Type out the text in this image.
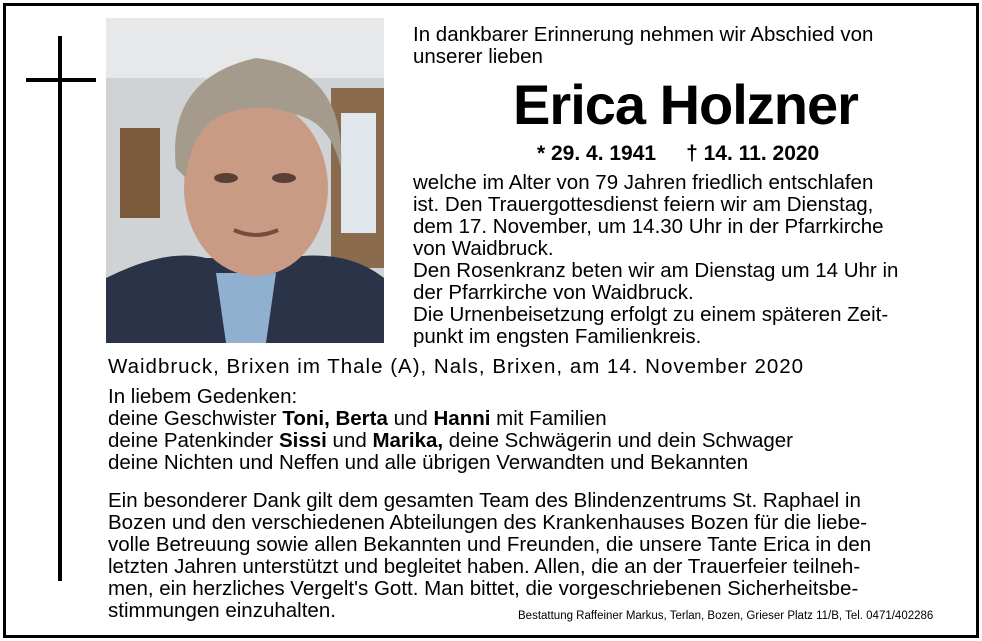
In dankbarer Erinnerung nehmen wir Abschied von
unserer lieben
Erica Holzner
* 29. 4. 1941 † 14. 11. 2020
welche im Alter von 79 Jahren friedlich entschlafen
ist. Den Trauergottesdienst feiern wir am Dienstag,
dem 17. November, um 14.30 Uhr in der Pfarrkirche
von Waidbruck.
Den Rosenkranz beten wir am Dienstag um 14 Uhr in
der Pfarrkirche von Waidbruck.
Die Urnenbeisetzung erfolgt zu einem späteren Zeit-
punkt im engsten Familienkreis.
Waidbruck, Brixen im Thale (A), Nals, Brixen, am 14. November 2020
In liebem Gedenken:
deine Geschwister Toni, Berta und Hanni mit Familien
deine Patenkinder Sissi und Marika, deine Schwägerin und dein Schwager
deine Nichten und Neffen und alle übrigen Verwandten und Bekannten
Ein besonderer Dank gilt dem gesamten Team des Blindenzentrums St. Raphael in
Bozen und den verschiedenen Abteilungen des Krankenhauses Bozen für die liebe-
volle Betreuung sowie allen Bekannten und Freunden, die unsere Tante Erica in den
letzten Jahren unterstützt und begleitet haben. Allen, die an der Trauerfeier teilneh-
men, ein herzliches Vergelt's Gott. Man bittet, die vorgeschriebenen Sicherheitsbe-
stimmungen einzuhalten.	Bestattung Raffeiner Markus, Terlan, Bozen, Grieser Platz 11/B, Tel. 0471/402286
